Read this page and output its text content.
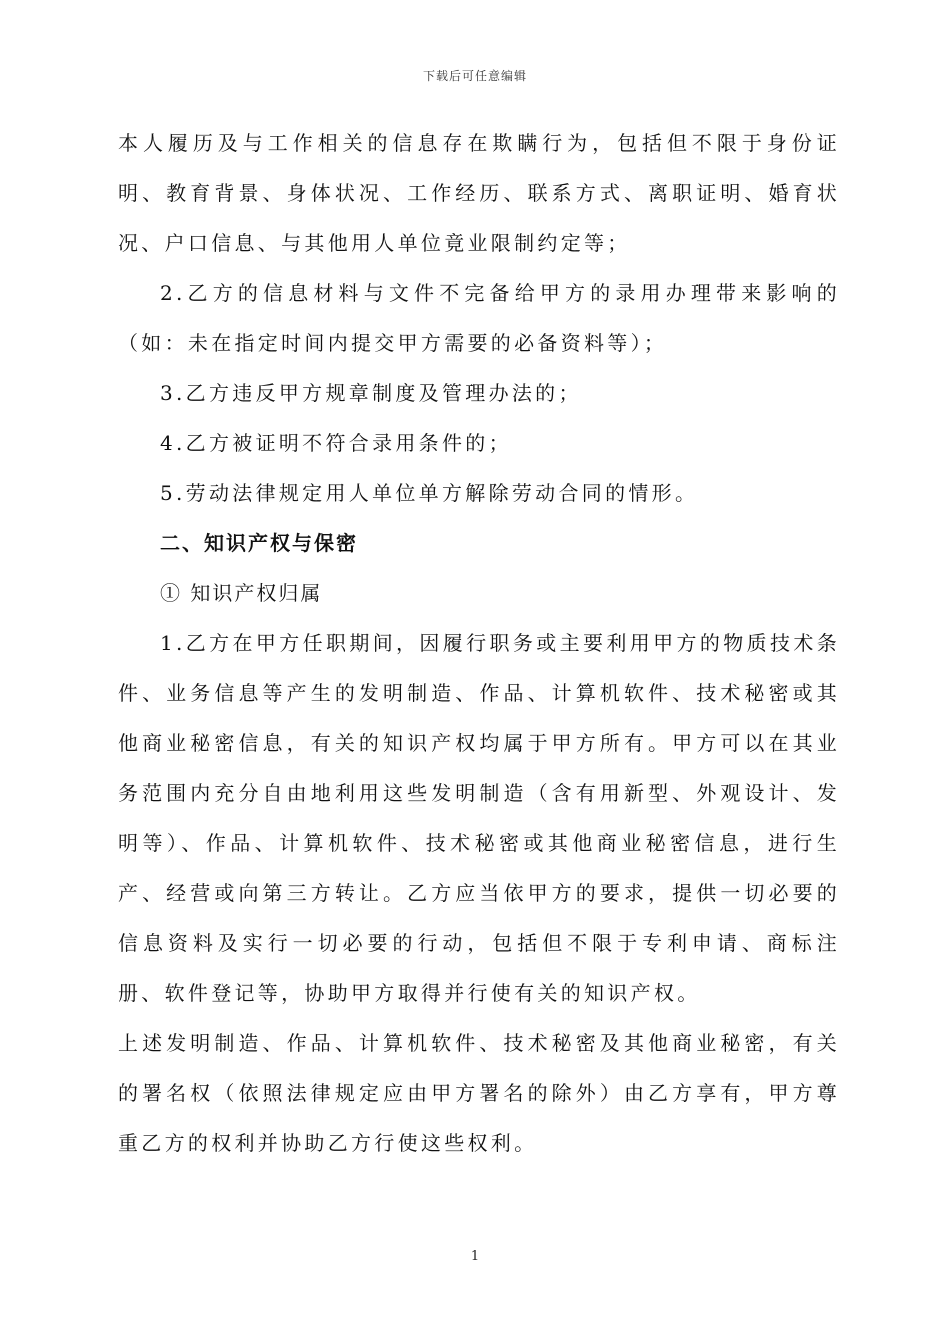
下载后可任意编辑

本人履历及与工作相关的信息存在欺瞒行为，包括但不限于身份证明、教育背景、身体状况、工作经历、联系方式、离职证明、婚育状况、户口信息、与其他用人单位竟业限制约定等；

2.乙方的信息材料与文件不完备给甲方的录用办理带来影响的（如：未在指定时间内提交甲方需要的必备资料等）；

3.乙方违反甲方规章制度及管理办法的；

4.乙方被证明不符合录用条件的；

5.劳动法律规定用人单位单方解除劳动合同的情形。

二、知识产权与保密

① 知识产权归属

1.乙方在甲方任职期间，因履行职务或主要利用甲方的物质技术条件、业务信息等产生的发明制造、作品、计算机软件、技术秘密或其他商业秘密信息，有关的知识产权均属于甲方所有。甲方可以在其业务范围内充分自由地利用这些发明制造（含有用新型、外观设计、发明等）、作品、计算机软件、技术秘密或其他商业秘密信息，进行生产、经营或向第三方转让。乙方应当依甲方的要求，提供一切必要的信息资料及实行一切必要的行动，包括但不限于专利申请、商标注册、软件登记等，协助甲方取得并行使有关的知识产权。

上述发明制造、作品、计算机软件、技术秘密及其他商业秘密，有关的署名权（依照法律规定应由甲方署名的除外）由乙方享有，甲方尊重乙方的权利并协助乙方行使这些权利。

1
